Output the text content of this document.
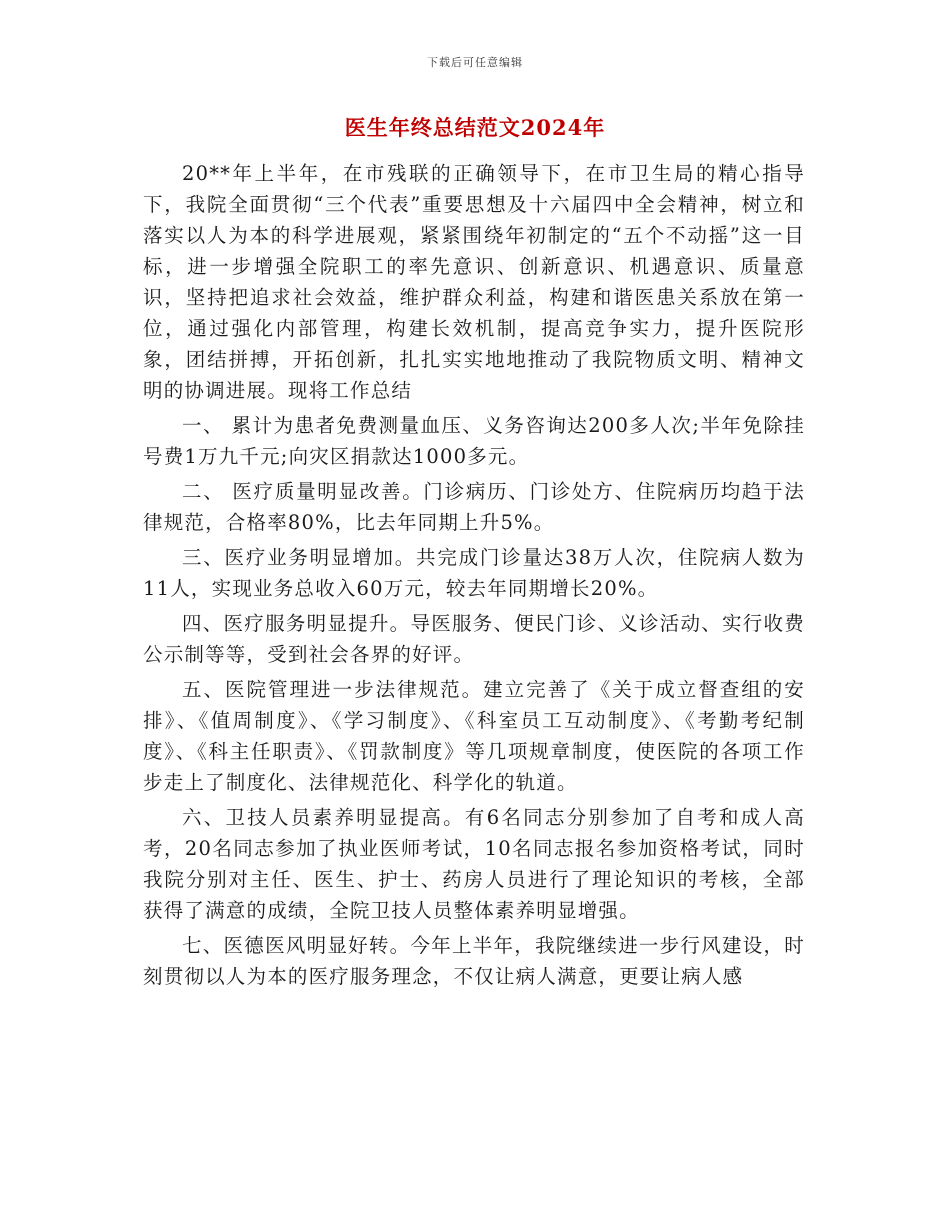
下载后可任意编辑
医生年终总结范文2024年

20**年上半年，在市残联的正确领导下，在市卫生局的精心指导下，我院全面贯彻“三个代表”重要思想及十六届四中全会精神，树立和落实以人为本的科学进展观，紧紧围绕年初制定的“五个不动摇”这一目标，进一步增强全院职工的率先意识、创新意识、机遇意识、质量意识，坚持把追求社会效益，维护群众利益，构建和谐医患关系放在第一位，通过强化内部管理，构建长效机制，提高竞争实力，提升医院形象，团结拼搏，开拓创新，扎扎实实地地推动了我院物质文明、精神文明的协调进展。现将工作总结

一、 累计为患者免费测量血压、义务咨询达200多人次;半年免除挂号费1万九千元;向灾区捐款达1000多元。

二、 医疗质量明显改善。门诊病历、门诊处方、住院病历均趋于法律规范，合格率80%，比去年同期上升5%。

三、医疗业务明显增加。共完成门诊量达38万人次，住院病人数为11人，实现业务总收入60万元，较去年同期增长20%。

四、医疗服务明显提升。导医服务、便民门诊、义诊活动、实行收费公示制等等，受到社会各界的好评。

五、医院管理进一步法律规范。建立完善了《关于成立督查组的安排》、《值周制度》、《学习制度》、《科室员工互动制度》、《考勤考纪制度》、《科主任职责》、《罚款制度》等几项规章制度，使医院的各项工作步走上了制度化、法律规范化、科学化的轨道。

六、卫技人员素养明显提高。有6名同志分别参加了自考和成人高考，20名同志参加了执业医师考试，10名同志报名参加资格考试，同时我院分别对主任、医生、护士、药房人员进行了理论知识的考核，全部获得了满意的成绩，全院卫技人员整体素养明显增强。

七、医德医风明显好转。今年上半年，我院继续进一步行风建设，时刻贯彻以人为本的医疗服务理念，不仅让病人满意，更要让病人感
